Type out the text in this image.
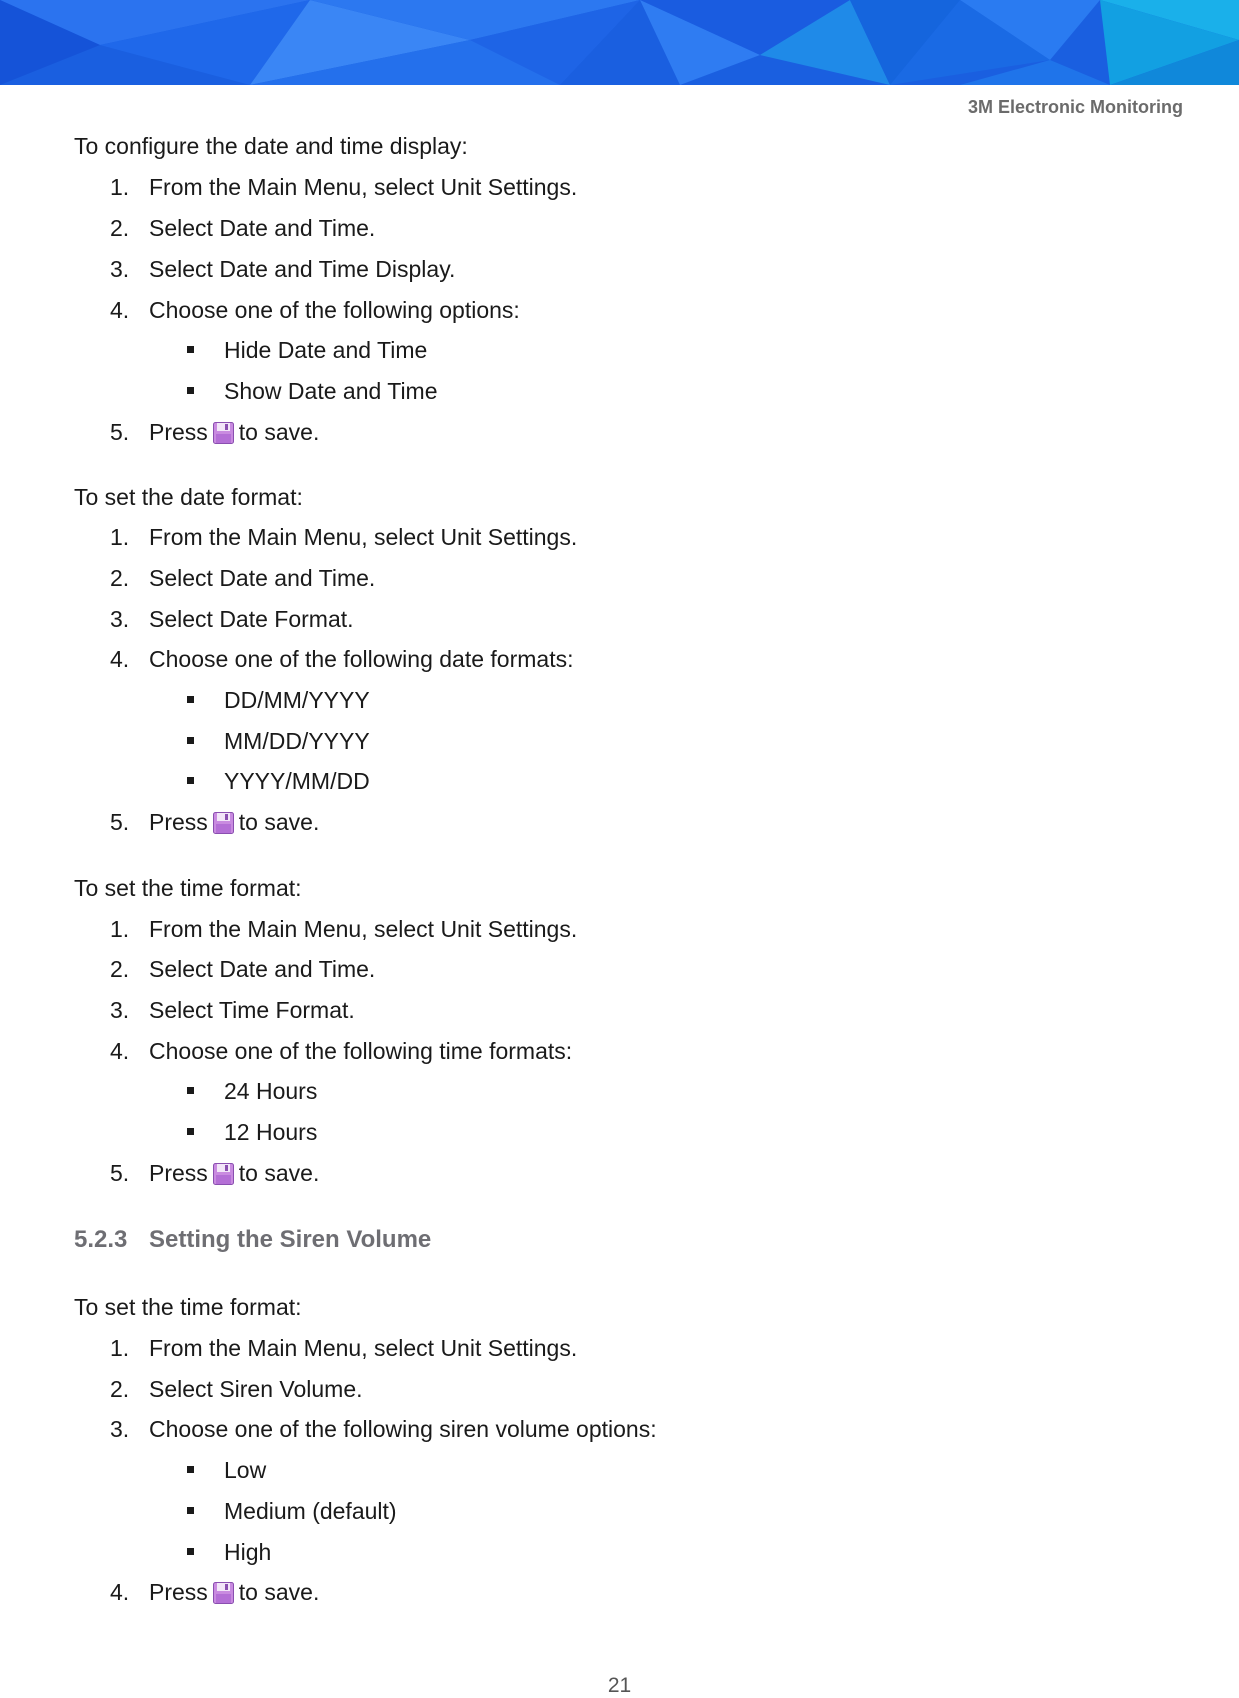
3M Electronic Monitoring
To configure the date and time display:
1. From the Main Menu, select Unit Settings.
2. Select Date and Time.
3. Select Date and Time Display.
4. Choose one of the following options:
Hide Date and Time
Show Date and Time
5. Press to save.
To set the date format:
1. From the Main Menu, select Unit Settings.
2. Select Date and Time.
3. Select Date Format.
4. Choose one of the following date formats:
DD/MM/YYYY
MM/DD/YYYY
YYYY/MM/DD
5. Press to save.
To set the time format:
1. From the Main Menu, select Unit Settings.
2. Select Date and Time.
3. Select Time Format.
4. Choose one of the following time formats:
24 Hours
12 Hours
5. Press to save.
5.2.3 Setting the Siren Volume
To set the time format:
1. From the Main Menu, select Unit Settings.
2. Select Siren Volume.
3. Choose one of the following siren volume options:
Low
Medium (default)
High
4. Press to save.
21
